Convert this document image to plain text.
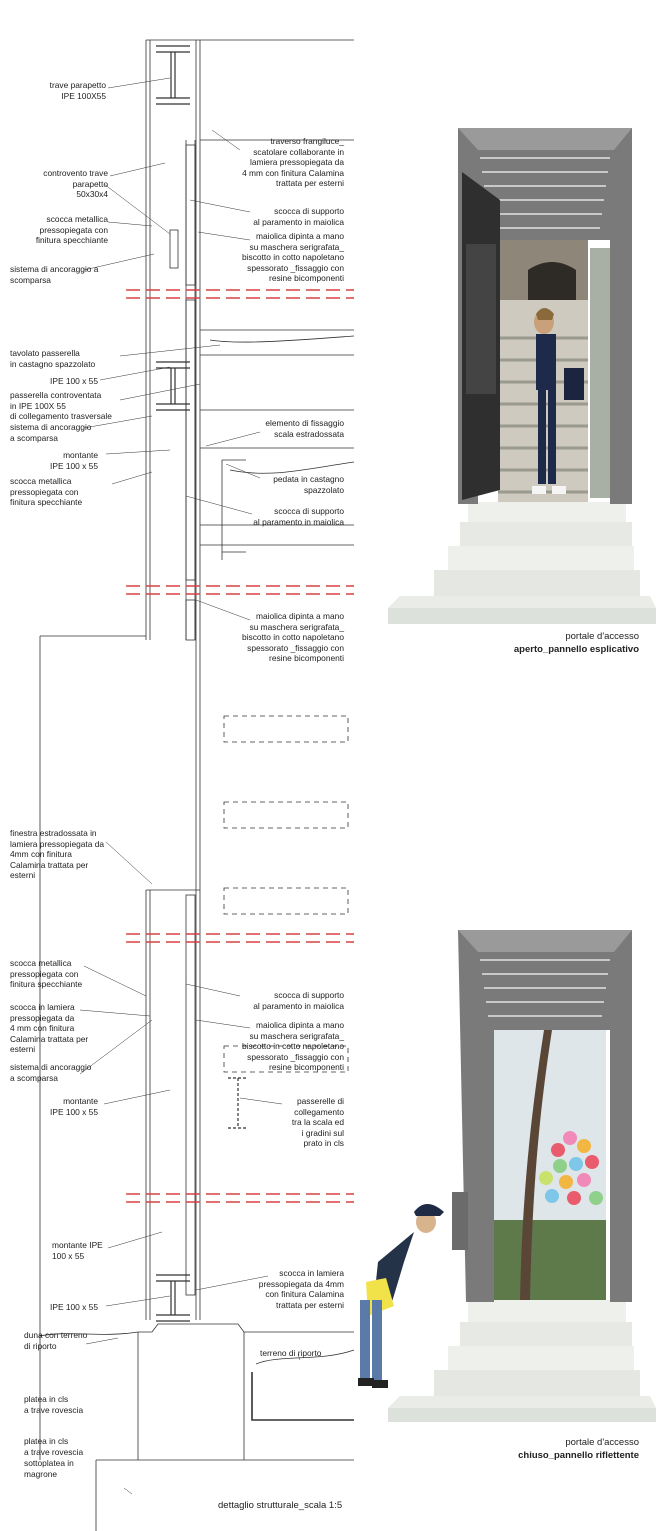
trave parapetto
IPE 100X55
controvento trave
parapetto
50x30x4
scocca metallica
pressopiegata con
finitura specchiante
sistema di ancoraggio a
scomparsa
tavolato passerella
in castagno spazzolato
IPE 100 x 55
passerella controventata
in IPE 100X 55
di collegamento trasversale
sistema di ancoraggio
a scomparsa
montante
IPE 100 x 55
scocca metallica
pressopiegata con
finitura specchiante
finestra estradossata in
lamiera pressopiegata da
4mm con finitura
Calamina trattata per
esterni
scocca metallica
pressopiegata con
finitura specchiante
scocca in lamiera
pressopiegata da
4 mm con finitura
Calamina trattata per
esterni
sistema di ancoraggio
a scomparsa
montante
IPE 100 x 55
montante IPE
100 x 55
IPE 100 x 55
duna con terreno
di riporto
platea in cls
a trave rovescia
platea in cls
a trave rovescia
sottoplatea in
magrone
traverso frangiluce_
scatolare collaborante in
lamiera pressopiegata da
4 mm con finitura Calamina
trattata per esterni
scocca di supporto
al paramento in maiolica
maiolica dipinta a mano
su maschera serigrafata_
biscotto in cotto napoletano
spessorato _fissaggio con
resine bicomponenti
elemento di fissaggio
scala estradossata
pedata in castagno
spazzolato
scocca di supporto
al paramento in maiolica
maiolica dipinta a mano
su maschera serigrafata_
biscotto in cotto napoletano
spessorato _fissaggio con
resine bicomponenti
scocca di supporto
al paramento in maiolica
maiolica dipinta a mano
su maschera serigrafata_
biscotto in cotto napoletano
spessorato _fissaggio con
resine bicomponenti
passerelle di
collegamento
tra la scala ed
i gradini sul
prato in cls
scocca in lamiera
pressopiegata da 4mm
con finitura Calamina
trattata per esterni
terreno di riporto
portale d'accesso
aperto_pannello esplicativo
portale d'accesso
chiuso_pannello riflettente
dettaglio strutturale_scala 1:5
